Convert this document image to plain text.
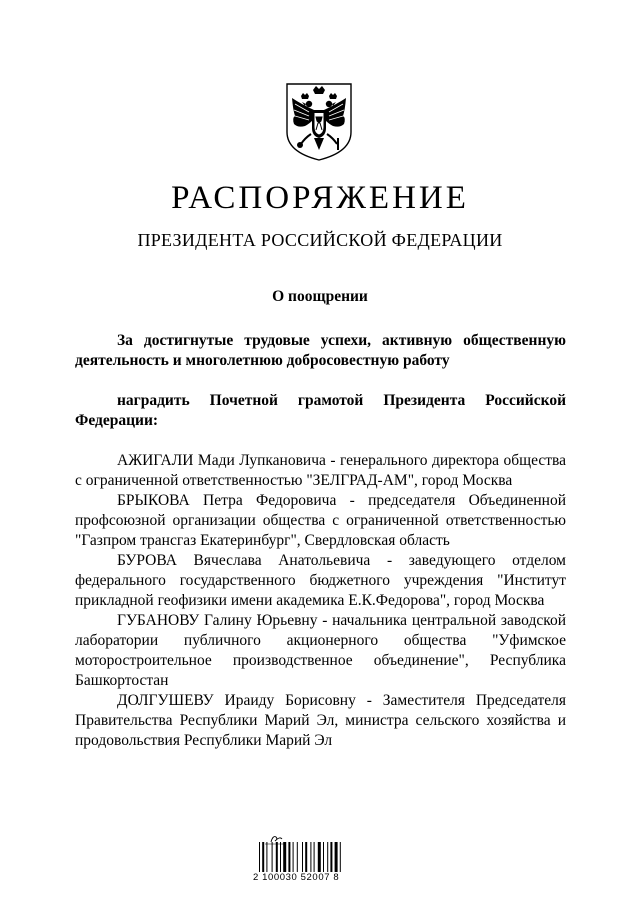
РАСПОРЯЖЕНИЕ
ПРЕЗИДЕНТА РОССИЙСКОЙ ФЕДЕРАЦИИ
О поощрении
За достигнутые трудовые успехи, активную общественную деятельность и многолетнюю добросовестную работу
наградить Почетной грамотой Президента Российской Федерации:

АЖИГАЛИ Мади Лупкановича - генерального директора общества с ограниченной ответственностью "ЗЕЛГРАД-АМ", город Москва

БРЫКОВА Петра Федоровича - председателя Объединенной профсоюзной организации общества с ограниченной ответственностью "Газпром трансгаз Екатеринбург", Свердловская область

БУРОВА Вячеслава Анатольевича - заведующего отделом федерального государственного бюджетного учреждения "Институт прикладной геофизики имени академика Е.К.Федорова", город Москва

ГУБАНОВУ Галину Юрьевну - начальника центральной заводской лаборатории публичного акционерного общества "Уфимское моторостроительное производственное объединение", Республика Башкортостан

ДОЛГУШЕВУ Ираиду Борисовну - Заместителя Председателя Правительства Республики Марий Эл, министра сельского хозяйства и продовольствия Республики Марий Эл

2 100030 52007 8
